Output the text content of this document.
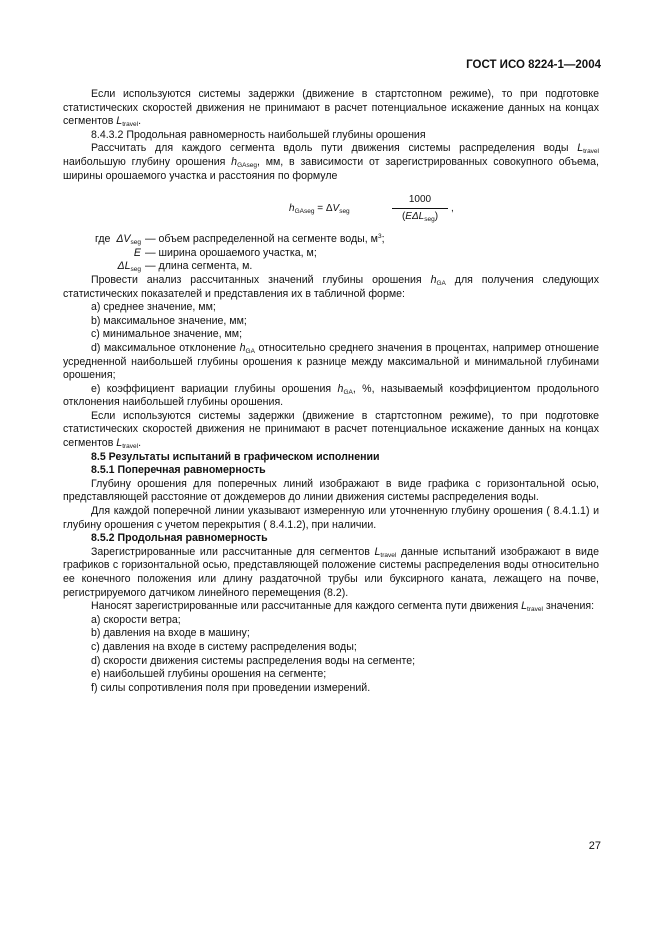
ГОСТ ИСО 8224-1—2004

Если используются системы задержки (движение в стартстопном режиме), то при подготовке статистических скоростей движения не принимают в расчет потенциальное искажение данных на концах сегментов $L_{travel}$.

8.4.3.2 Продольная равномерность наибольшей глубины орошения

Рассчитать для каждого сегмента вдоль пути движения системы распределения воды $L_{travel}$ наибольшую глубину орошения $h_{GAseg}$, мм, в зависимости от зарегистрированных совокупного объема, ширины орошаемого участка и расстояния по формуле

$h_{GAseg} = \Delta V_{seg}$
1000
$(E\Delta L_{seg})$
,
где $\Delta V_{seg}$ — объем распределенной на сегменте воды, $м^3$;
E — ширина орошаемого участка, м;
$\Delta L_{seg}$ — длина сегмента, м.

Провести анализ рассчитанных значений глубины орошения $h_{GA}$ для получения следующих статистических показателей и представления их в табличной форме:

a) среднее значение, мм;

b) максимальное значение, мм;

c) минимальное значение, мм;

d) максимальное отклонение $h_{GA}$ относительно среднего значения в процентах, например отношение усредненной наибольшей глубины орошения к разнице между максимальной и минимальной глубинами орошения;

е) коэффициент вариации глубины орошения $h_{GA}$, %, называемый коэффициентом продольного отклонения наибольшей глубины орошения.

Если используются системы задержки (движение в стартстопном режиме), то при подготовке статистических скоростей движения не принимают в расчет потенциальное искажение данных на концах сегментов $L_{travel}$.

8.5 Результаты испытаний в графическом исполнении

8.5.1 Поперечная равномерность

Глубину орошения для поперечных линий изображают в виде графика с горизонтальной осью, представляющей расстояние от дождемеров до линии движения системы распределения воды.

Для каждой поперечной линии указывают измеренную или уточненную глубину орошения ( 8.4.1.1) и глубину орошения с учетом перекрытия ( 8.4.1.2), при наличии.

8.5.2 Продольная равномерность

Зарегистрированные или рассчитанные для сегментов $L_{travel}$ данные испытаний изображают в виде графиков с горизонтальной осью, представляющей положение системы распределения воды относительно ее конечного положения или длину раздаточной трубы или буксирного каната, лежащего на почве, регистрируемого датчиком линейного перемещения (8.2).

Наносят зарегистрированные или рассчитанные для каждого сегмента пути движения $L_{travel}$ значения:

a) скорости ветра;

b) давления на входе в машину;

c) давления на входе в систему распределения воды;

d) скорости движения системы распределения воды на сегменте;

е) наибольшей глубины орошения на сегменте;

f) силы сопротивления поля при проведении измерений.

27
